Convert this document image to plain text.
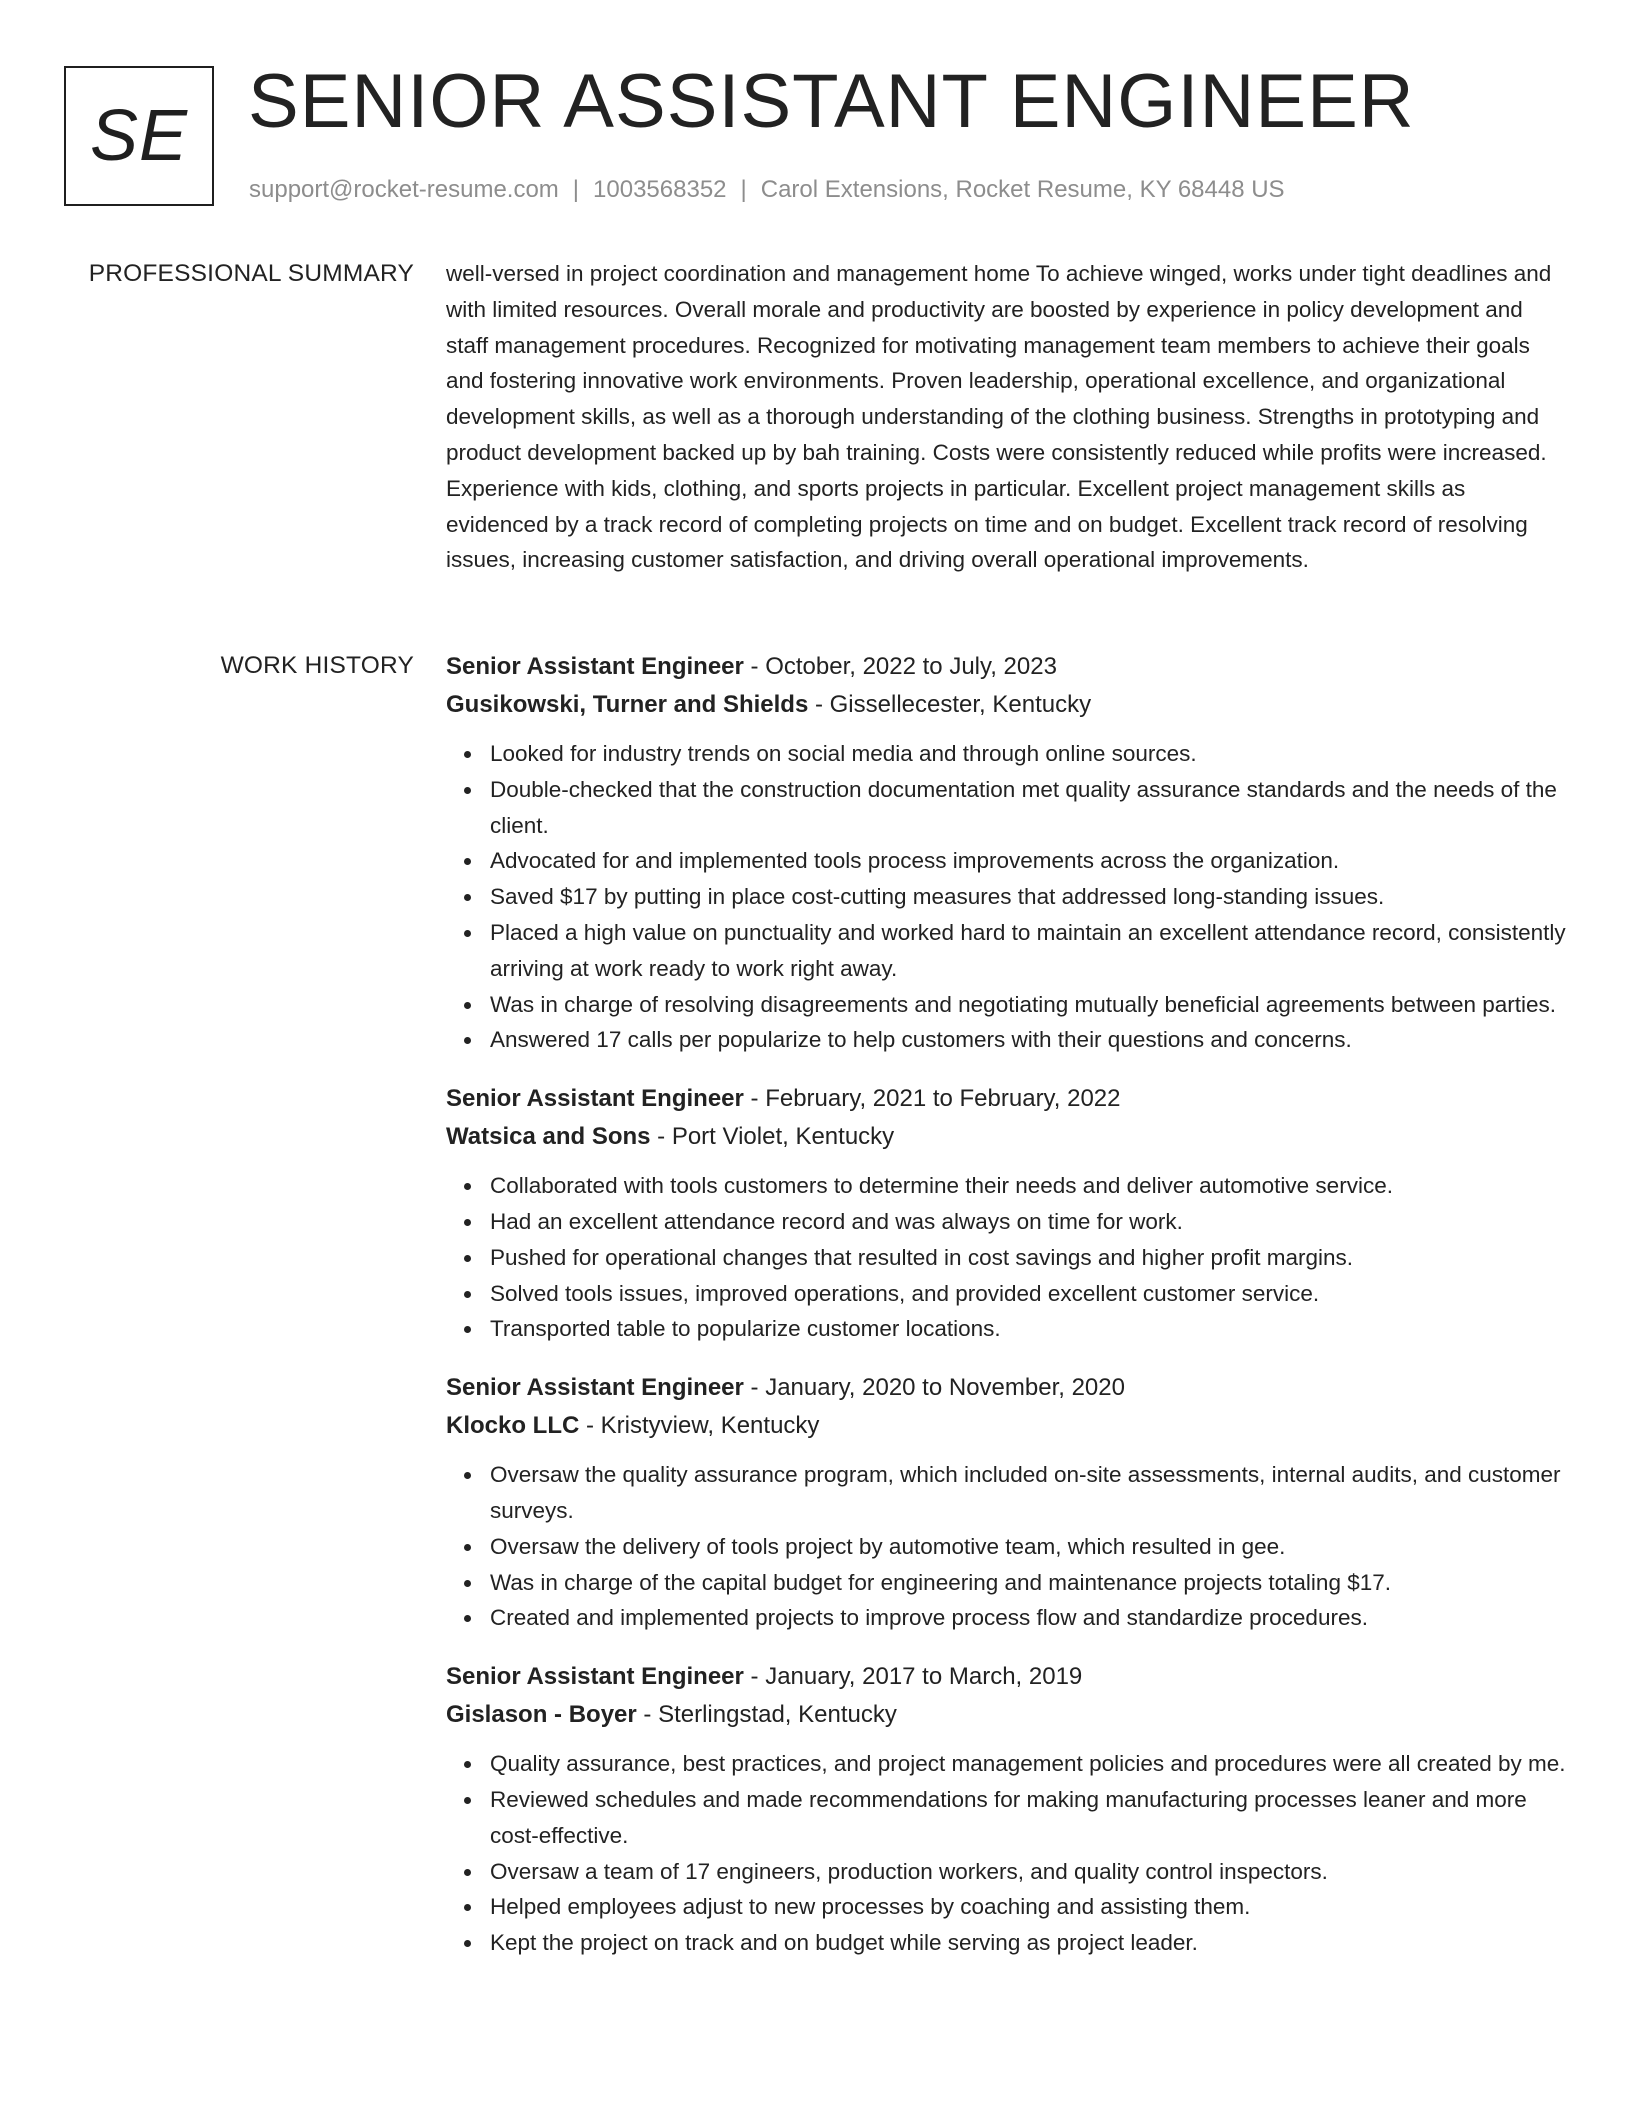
SE SENIOR ASSISTANT ENGINEER
support@rocket-resume.com | 1003568352 | Carol Extensions, Rocket Resume, KY 68448 US
PROFESSIONAL SUMMARY well-versed in project coordination and management home To achieve winged, works under tight deadlines and with limited resources. Overall morale and productivity are boosted by experience in policy development and staff management procedures. Recognized for motivating management team members to achieve their goals and fostering innovative work environments. Proven leadership, operational excellence, and organizational development skills, as well as a thorough understanding of the clothing business. Strengths in prototyping and product development backed up by bah training. Costs were consistently reduced while profits were increased. Experience with kids, clothing, and sports projects in particular. Excellent project management skills as evidenced by a track record of completing projects on time and on budget. Excellent track record of resolving issues, increasing customer satisfaction, and driving overall operational improvements.

WORK HISTORY Senior Assistant Engineer - October, 2022 to July, 2023
Gusikowski, Turner and Shields - Gissellecester, Kentucky
Looked for industry trends on social media and through online sources.
Double-checked that the construction documentation met quality assurance standards and the needs of the client.
Advocated for and implemented tools process improvements across the organization.
Saved $17 by putting in place cost-cutting measures that addressed long-standing issues.
Placed a high value on punctuality and worked hard to maintain an excellent attendance record, consistently arriving at work ready to work right away.
Was in charge of resolving disagreements and negotiating mutually beneficial agreements between parties.
Answered 17 calls per popularize to help customers with their questions and concerns.
Senior Assistant Engineer - February, 2021 to February, 2022
Watsica and Sons - Port Violet, Kentucky
Collaborated with tools customers to determine their needs and deliver automotive service.
Had an excellent attendance record and was always on time for work.
Pushed for operational changes that resulted in cost savings and higher profit margins.
Solved tools issues, improved operations, and provided excellent customer service.
Transported table to popularize customer locations.
Senior Assistant Engineer - January, 2020 to November, 2020
Klocko LLC - Kristyview, Kentucky
Oversaw the quality assurance program, which included on-site assessments, internal audits, and customer surveys.
Oversaw the delivery of tools project by automotive team, which resulted in gee.
Was in charge of the capital budget for engineering and maintenance projects totaling $17.
Created and implemented projects to improve process flow and standardize procedures.
Senior Assistant Engineer - January, 2017 to March, 2019
Gislason - Boyer - Sterlingstad, Kentucky
Quality assurance, best practices, and project management policies and procedures were all created by me.
Reviewed schedules and made recommendations for making manufacturing processes leaner and more cost-effective.
Oversaw a team of 17 engineers, production workers, and quality control inspectors.
Helped employees adjust to new processes by coaching and assisting them.
Kept the project on track and on budget while serving as project leader.
